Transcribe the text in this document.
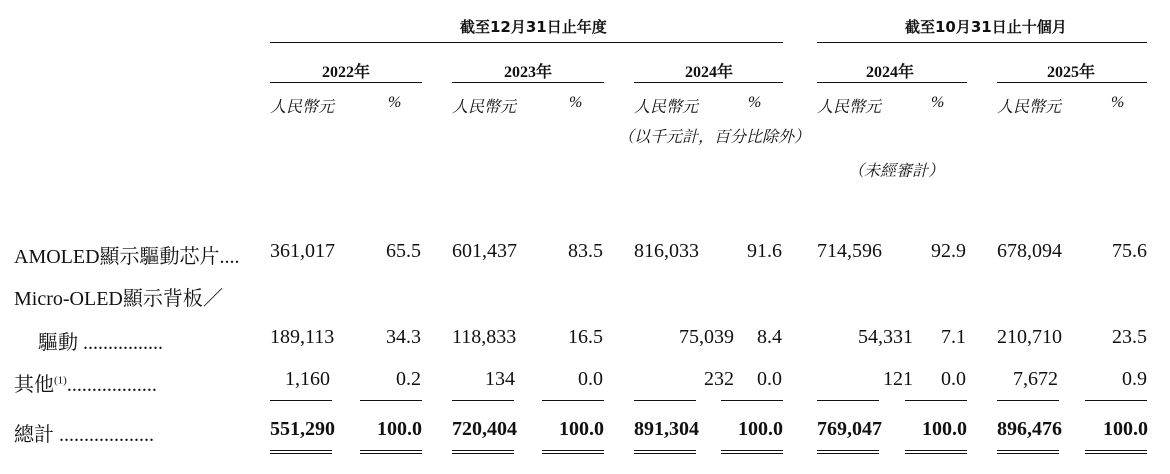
截至12月31日止年度	截至10月31日止十個月
2022年	2023年	2024年	2024年	2025年
人民幣元	%	人民幣元	%	人民幣元	%	人民幣元	%	人民幣元	%
（以千元計，百分比除外）
（未經審計）
AMOLED顯示驅動芯片.... 361,017	65.5 601,437	83.5 816,033 91.6 714,596 92.9 678,094	75.6
Micro-OLED顯示背板／
驅動 ................	189,113	34.3 118,833	16.5	75,039 8.4	54,331 7.1 210,710	23.5
其他$^{(1)}$..................	1,160	0.2	134	0.0	232 0.0	121 0.0 7,672	0.9
總計 ...................	551,290 100.0 720,404 100.0 891,304 100.0 769,047 100.0 896,476 100.0
